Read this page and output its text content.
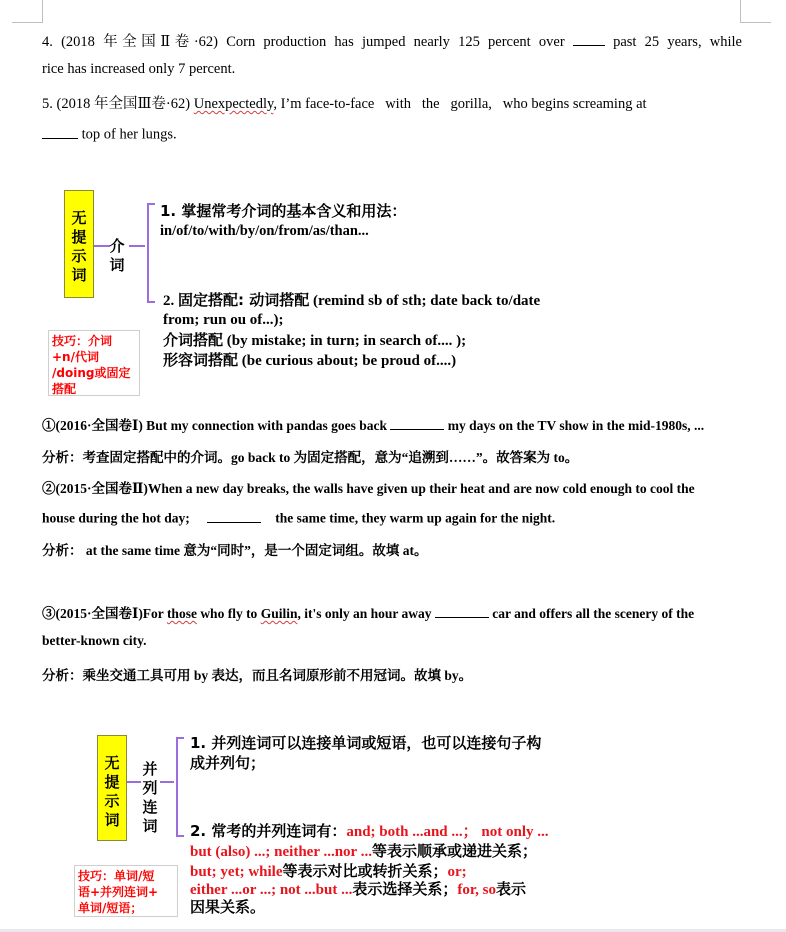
4. (2018 年全国Ⅱ卷·62) Corn production has jumped nearly 125 percent over	past 25 years, while
rice has increased only 7 percent.
5. (2018 年全国Ⅲ卷·62) Unexpectedly, I’m face-to-face   with   the   gorilla,   who begins screaming at
top of her lungs.
无
提
示
词
介
词
1. 掌握常考介词的基本含义和用法：
in/of/to/with/by/on/from/as/than...
2. 固定搭配: 动词搭配 (remind sb of sth; date back to/date
from; run ou of...);
介词搭配 (by mistake; in turn; in search of.... );
形容词搭配 (be curious about; be proud of....)
技巧：介词
+n/代词
/doing或固定
搭配
①(2016·全国卷Ⅰ) But my connection with pandas goes back	my days on the TV show in the mid-1980s, ...
分析：考查固定搭配中的介词。go back to 为固定搭配，意为“追溯到……”。故答案为 to。
②(2015·全国卷Ⅱ)When a new day breaks, the walls have given up their heat and are now cold enough to cool the
house during the hot day;	the same time, they warm up again for the night.
分析： at the same time 意为“同时”，是一个固定词组。故填 at。
③(2015·全国卷Ⅰ)For those who fly to Guilin, it's only an hour away	car and offers all the scenery of the
better-known city.
分析：乘坐交通工具可用 by 表达，而且名词原形前不用冠词。故填 by。
无
提
示
词
并
列
连
词
1. 并列连词可以连接单词或短语，也可以连接句子构
成并列句；
2. 常考的并列连词有：and; both ...and ...； not only ...
but (also) ...; neither ...nor ...等表示顺承或递进关系；
but; yet; while等表示对比或转折关系；or;
either ...or ...; not ...but ...表示选择关系；for, so表示
因果关系。
技巧：单词/短
语+并列连词+
单词/短语；
